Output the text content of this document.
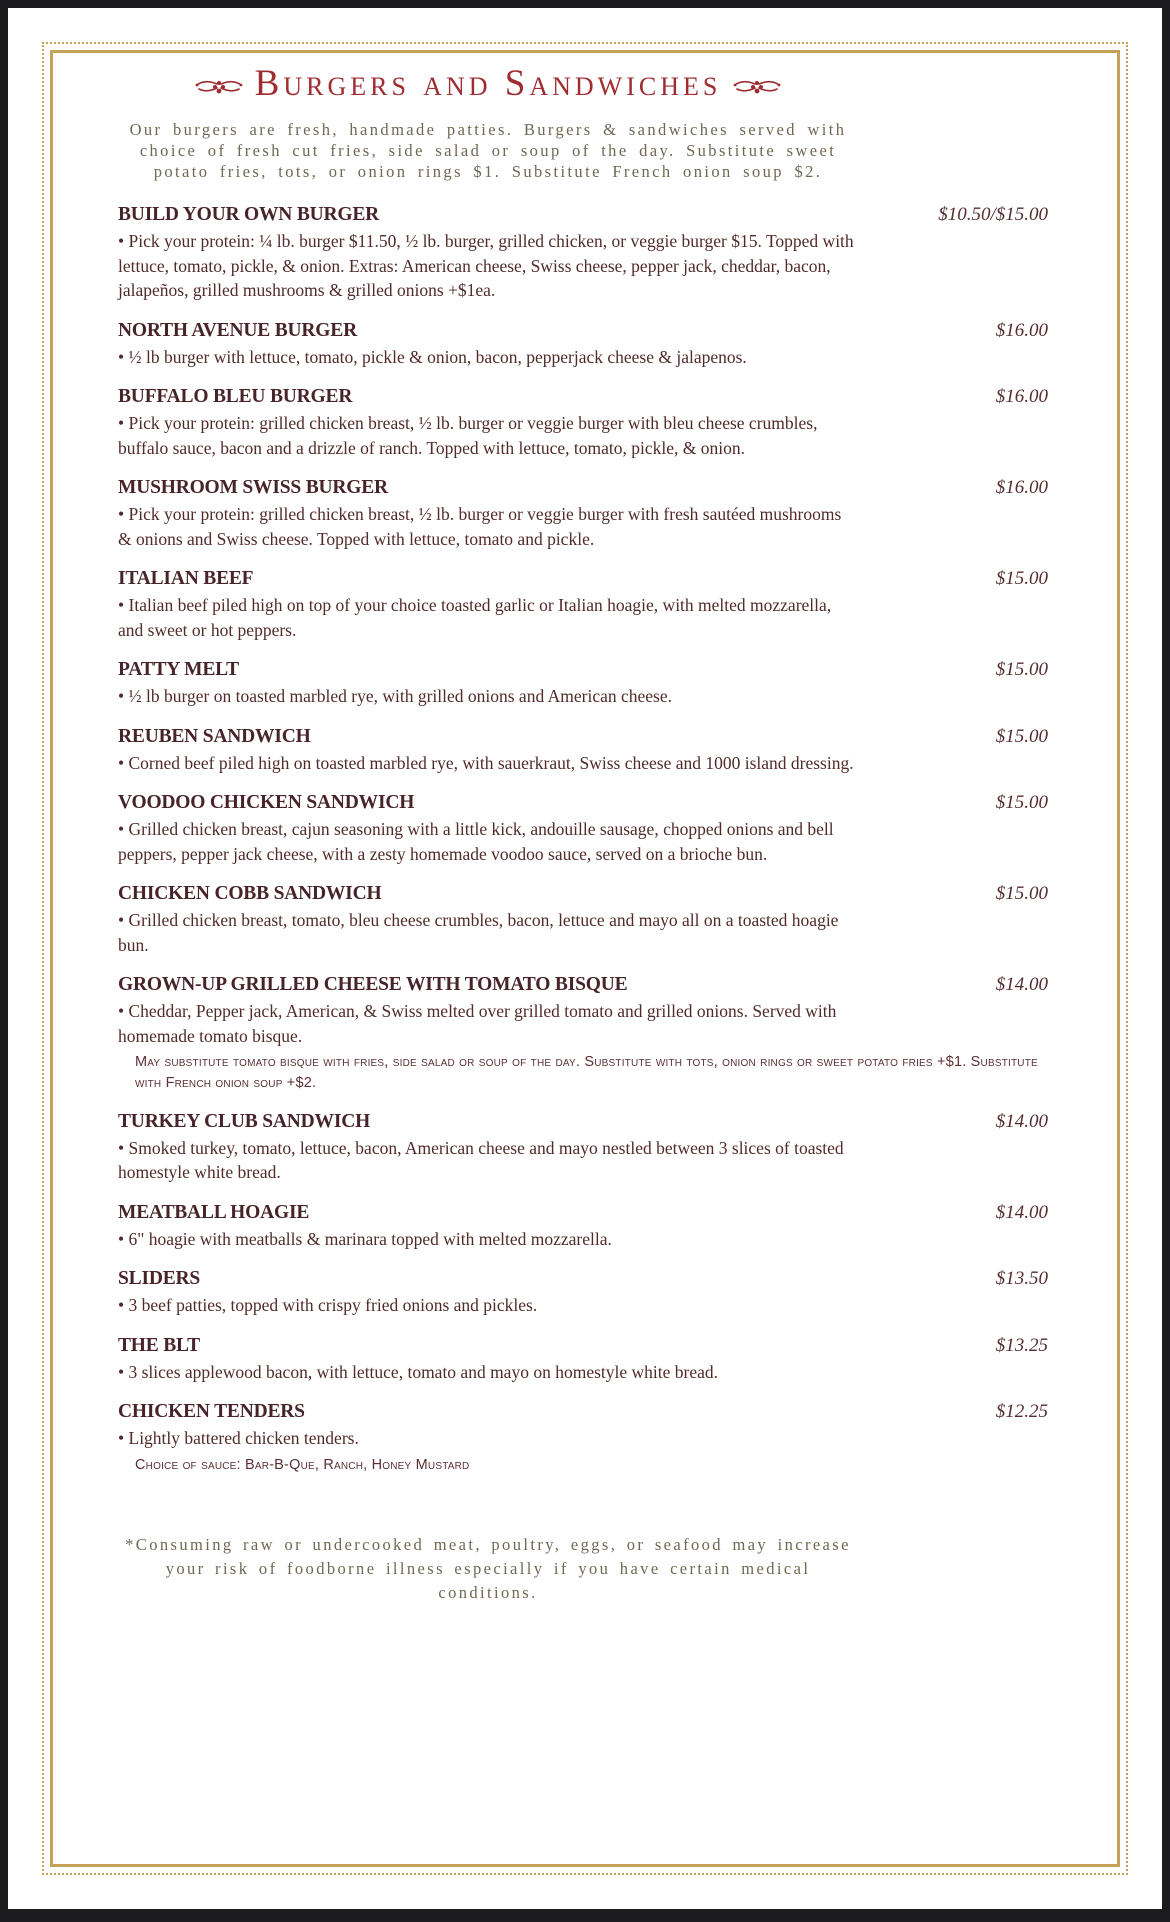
Burgers and Sandwiches

Our burgers are fresh, handmade patties. Burgers & sandwiches served with choice of fresh cut fries, side salad or soup of the day. Substitute sweet potato fries, tots, or onion rings $1. Substitute French onion soup $2.

BUILD YOUR OWN BURGER	$10.50/$15.00

• Pick your protein: ¼ lb. burger $11.50, ½ lb. burger, grilled chicken, or veggie burger $15. Topped with lettuce, tomato, pickle, & onion. Extras: American cheese, Swiss cheese, pepper jack, cheddar, bacon, jalapeños, grilled mushrooms & grilled onions +$1ea.

NORTH AVENUE BURGER	$16.00

• ½ lb burger with lettuce, tomato, pickle & onion, bacon, pepperjack cheese & jalapenos.

BUFFALO BLEU BURGER	$16.00

• Pick your protein: grilled chicken breast, ½ lb. burger or veggie burger with bleu cheese crumbles, buffalo sauce, bacon and a drizzle of ranch. Topped with lettuce, tomato, pickle, & onion.

MUSHROOM SWISS BURGER	$16.00

• Pick your protein: grilled chicken breast, ½ lb. burger or veggie burger with fresh sautéed mushrooms & onions and Swiss cheese. Topped with lettuce, tomato and pickle.

ITALIAN BEEF	$15.00

• Italian beef piled high on top of your choice toasted garlic or Italian hoagie, with melted mozzarella, and sweet or hot peppers.

PATTY MELT	$15.00

• ½ lb burger on toasted marbled rye, with grilled onions and American cheese.

REUBEN SANDWICH	$15.00

• Corned beef piled high on toasted marbled rye, with sauerkraut, Swiss cheese and 1000 island dressing.

VOODOO CHICKEN SANDWICH	$15.00

• Grilled chicken breast, cajun seasoning with a little kick, andouille sausage, chopped onions and bell peppers, pepper jack cheese, with a zesty homemade voodoo sauce, served on a brioche bun.

CHICKEN COBB SANDWICH	$15.00

• Grilled chicken breast, tomato, bleu cheese crumbles, bacon, lettuce and mayo all on a toasted hoagie bun.

GROWN-UP GRILLED CHEESE WITH TOMATO BISQUE	$14.00

• Cheddar, Pepper jack, American, & Swiss melted over grilled tomato and grilled onions. Served with homemade tomato bisque.

May substitute tomato bisque with fries, side salad or soup of the day. Substitute with tots, onion rings or sweet potato fries +$1. Substitute with French onion soup +$2.

TURKEY CLUB SANDWICH	$14.00

• Smoked turkey, tomato, lettuce, bacon, American cheese and mayo nestled between 3 slices of toasted homestyle white bread.

MEATBALL HOAGIE	$14.00

• 6" hoagie with meatballs & marinara topped with melted mozzarella.

SLIDERS	$13.50

• 3 beef patties, topped with crispy fried onions and pickles.

THE BLT	$13.25

• 3 slices applewood bacon, with lettuce, tomato and mayo on homestyle white bread.

CHICKEN TENDERS	$12.25

• Lightly battered chicken tenders.

Choice of sauce: Bar-B-Que, Ranch, Honey Mustard

*Consuming raw or undercooked meat, poultry, eggs, or seafood may increase your risk of foodborne illness especially if you have certain medical conditions.
